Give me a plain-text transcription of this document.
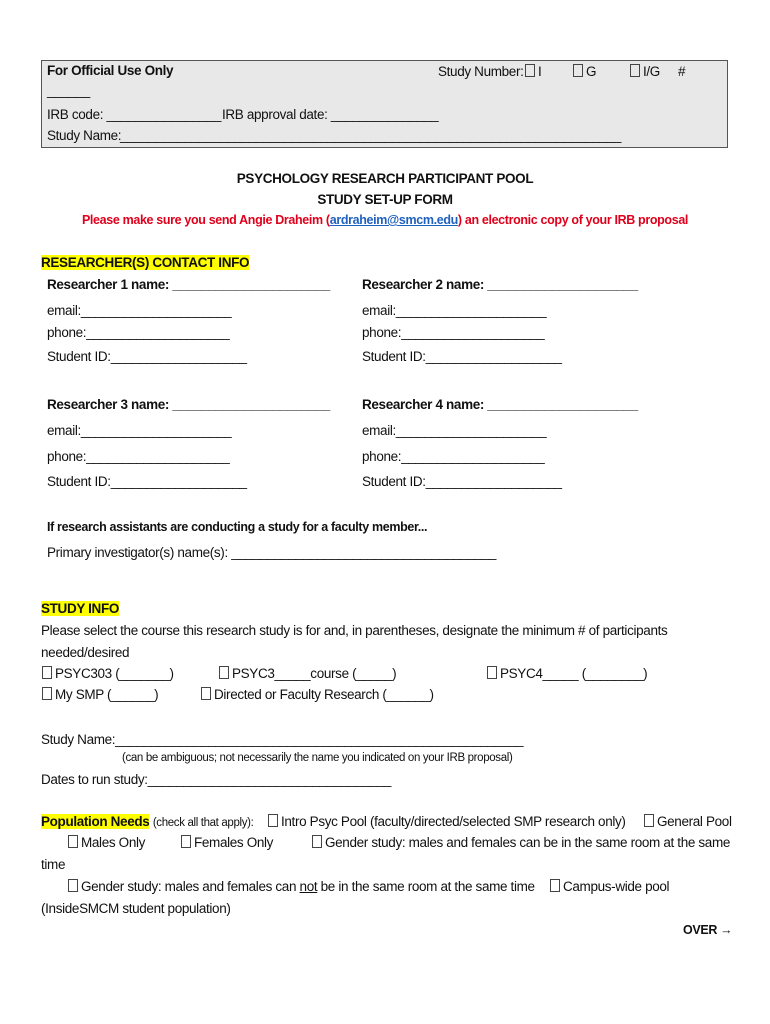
For Official Use Only	Study Number:	I	G	I/G #
______
IRB code: ________________ IRB approval date: _______________
Study Name:
______________________________________________________________________
PSYCHOLOGY RESEARCH PARTICIPANT POOL
STUDY SET-UP FORM
Please make sure you send Angie Draheim (ardraheim@smcm.edu) an electronic copy of your IRB proposal
RESEARCHER(S) CONTACT INFO
Researcher 1 name: ______________________ Researcher 2 name: _____________________
email:_____________________	email:_____________________
phone:____________________	phone:____________________
Student ID:___________________	Student ID:___________________
Researcher 3 name: ______________________ Researcher 4 name: _____________________
email:_____________________	email:_____________________
phone:____________________	phone:____________________
Student ID:___________________	Student ID:___________________
If research assistants are conducting a study for a faculty member...
Primary investigator(s) name(s): _____________________________________
STUDY INFO
Please select the course this research study is for and, in parentheses, designate the minimum # of participants
needed/desired
PSYC303 (_______)	PSYC3_____course (_____)	PSYC4_____ (________)
My SMP (______)	Directed or Faculty Research (______)
Study Name:_________________________________________________________
(can be ambiguous; not necessarily the name you indicated on your IRB proposal)
Dates to run study:__________________________________
Population Needs (check all that apply):	Intro Psyc Pool (faculty/directed/selected SMP research only)	General Pool
Males Only	Females Only	Gender study: males and females can be in the same room at the same
time
Gender study: males and females can not be in the same room at the same time	Campus-wide pool
(InsideSMCM student population)
OVER →
